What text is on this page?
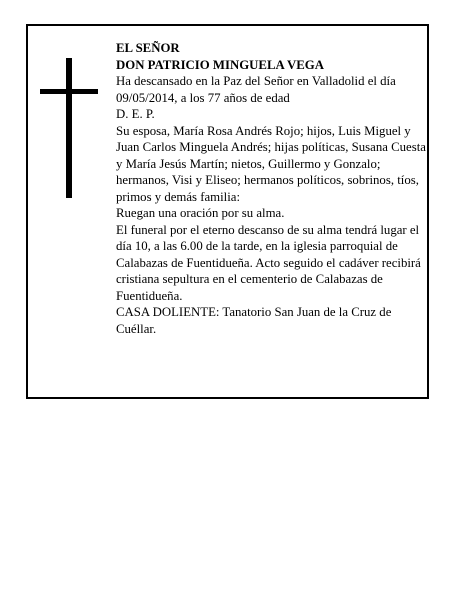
EL SEÑOR

DON PATRICIO MINGUELA VEGA

Ha descansado en la Paz del Señor en Valladolid el día 09/05/2014, a los 77 años de edad

D. E. P.

Su esposa, María Rosa Andrés Rojo; hijos, Luis Miguel y Juan Carlos Minguela Andrés; hijas políticas, Susana Cuesta y María Jesús Martín; nietos, Guillermo y Gonzalo; hermanos, Visi y Eliseo; hermanos políticos, sobrinos, tíos, primos y demás familia:

Ruegan una oración por su alma.

El funeral por el eterno descanso de su alma tendrá lugar el día 10, a las 6.00 de la tarde, en la iglesia parroquial de Calabazas de Fuentidueña. Acto seguido el cadáver recibirá cristiana sepultura en el cementerio de Calabazas de Fuentidueña.

CASA DOLIENTE: Tanatorio San Juan de la Cruz de Cuéllar.
